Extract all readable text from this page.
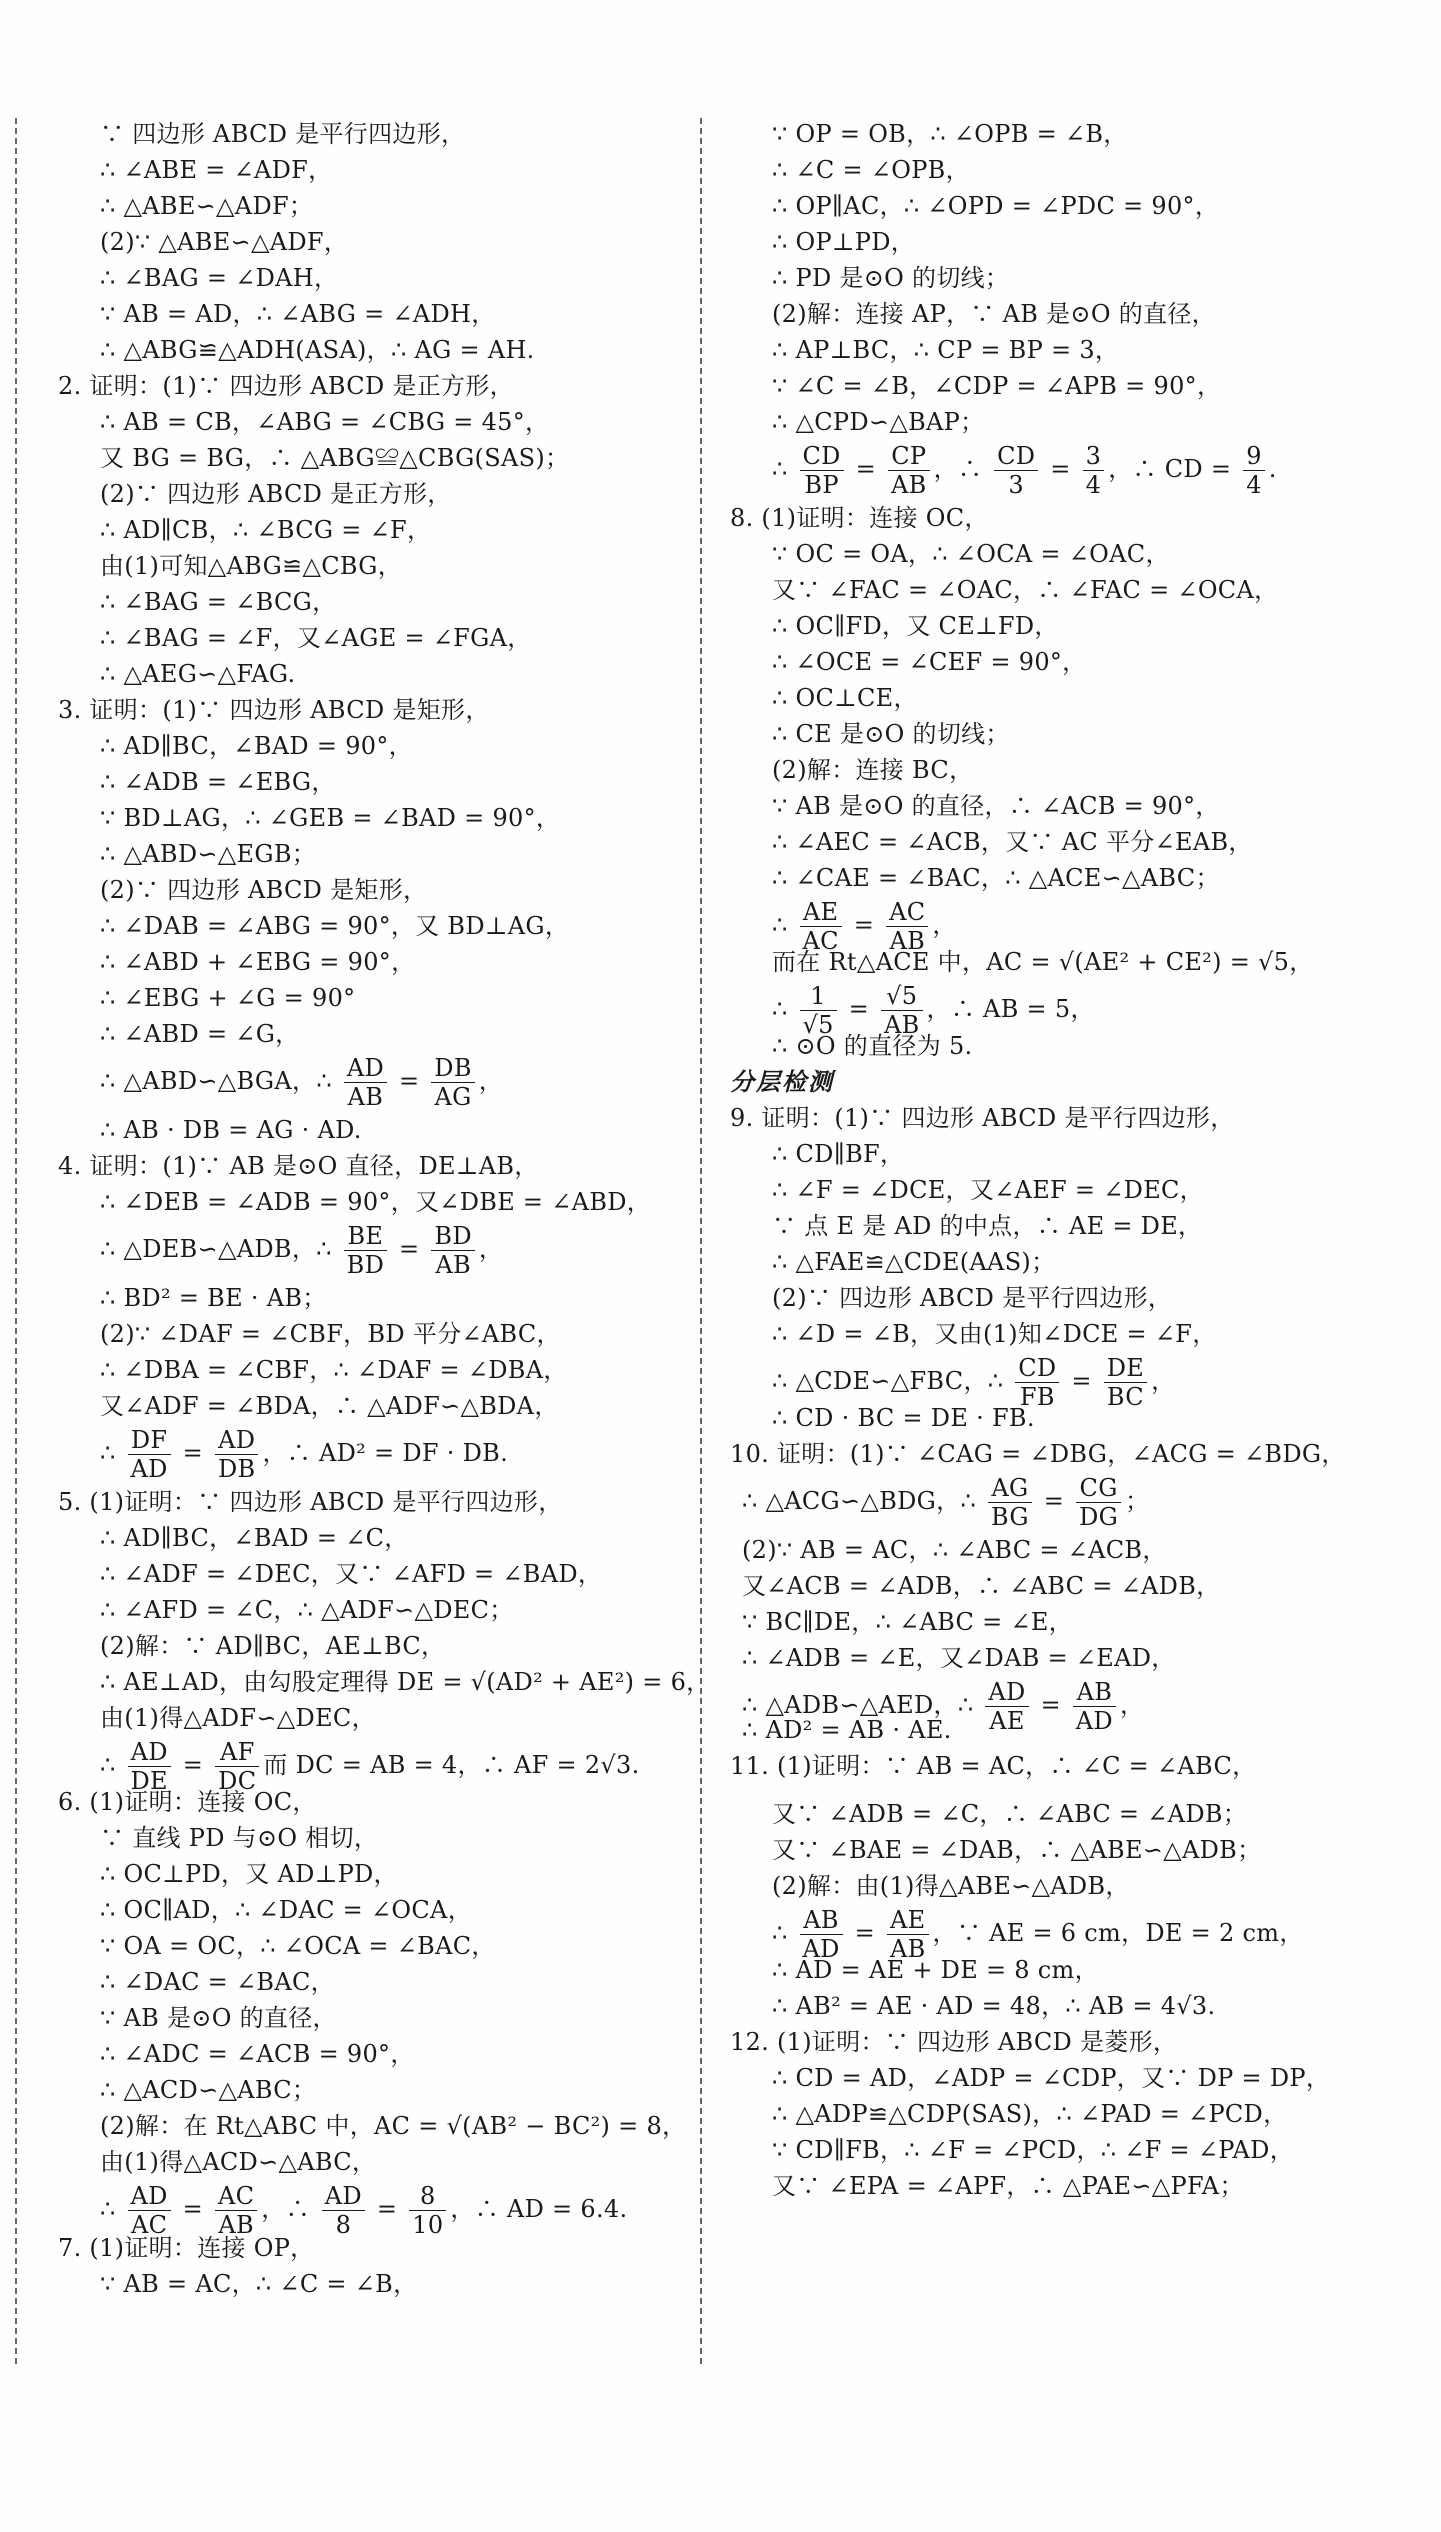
∵ 四边形 ABCD 是平行四边形，
∴ ∠ABE = ∠ADF，
∴ △ABE∽△ADF；
(2)∵ △ABE∽△ADF，
∴ ∠BAG = ∠DAH，
∵ AB = AD，∴ ∠ABG = ∠ADH，
∴ △ABG≌△ADH(ASA)，∴ AG = AH.
2. 证明：(1)∵ 四边形 ABCD 是正方形，
∴ AB = CB，∠ABG = ∠CBG = 45°，
又 BG = BG，∴ △ABG≌△CBG(SAS)；
(2)∵ 四边形 ABCD 是正方形，
∴ AD∥CB，∴ ∠BCG = ∠F，
由(1)可知△ABG≌△CBG，
∴ ∠BAG = ∠BCG，
∴ ∠BAG = ∠F，又∠AGE = ∠FGA，
∴ △AEG∽△FAG.
3. 证明：(1)∵ 四边形 ABCD 是矩形，
∴ AD∥BC，∠BAD = 90°，
∴ ∠ADB = ∠EBG，
∵ BD⊥AG，∴ ∠GEB = ∠BAD = 90°，
∴ △ABD∽△EGB；
(2)∵ 四边形 ABCD 是矩形，
∴ ∠DAB = ∠ABG = 90°，又 BD⊥AG，
∴ ∠ABD + ∠EBG = 90°，
∴ ∠EBG + ∠G = 90°
∴ ∠ABD = ∠G，
∴ △ABD∽△BGA，∴ $\frac{AD}{AB} = \frac{DB}{AG}$ ，
∴ AB · DB = AG · AD.
4. 证明：(1)∵ AB 是⊙O 直径，DE⊥AB，
∴ ∠DEB = ∠ADB = 90°，又∠DBE = ∠ABD，
∴ △DEB∽△ADB，∴ $\frac{BE}{BD} = \frac{BD}{AB}$ ，
∴ BD² = BE · AB；
(2)∵ ∠DAF = ∠CBF，BD 平分∠ABC，
∴ ∠DBA = ∠CBF，∴ ∠DAF = ∠DBA，
又∠ADF = ∠BDA，∴ △ADF∽△BDA，
∴ $\frac{DF}{AD} = \frac{AD}{DB}$ ，∴ AD² = DF · DB.
5. (1)证明：∵ 四边形 ABCD 是平行四边形，
∴ AD∥BC，∠BAD = ∠C，
∴ ∠ADF = ∠DEC，又∵ ∠AFD = ∠BAD，
∴ ∠AFD = ∠C，∴ △ADF∽△DEC；
(2)解：∵ AD∥BC，AE⊥BC，
∴ AE⊥AD，由勾股定理得 DE = √(AD² + AE²) = 6，
由(1)得△ADF∽△DEC，
∴ $\frac{AD}{DE} = \frac{AF}{DC}$ 而 DC = AB = 4，∴ AF = 2√3.
6. (1)证明：连接 OC，
∵ 直线 PD 与⊙O 相切，
∴ OC⊥PD，又 AD⊥PD，
∴ OC∥AD，∴ ∠DAC = ∠OCA，
∵ OA = OC，∴ ∠OCA = ∠BAC，
∴ ∠DAC = ∠BAC，
∵ AB 是⊙O 的直径，
∴ ∠ADC = ∠ACB = 90°，
∴ △ACD∽△ABC；
(2)解：在 Rt△ABC 中，AC = √(AB² − BC²) = 8，
由(1)得△ACD∽△ABC，
∴ $\frac{AD}{AC} = \frac{AC}{AB}$ ，∴ $\frac{AD}{8} = \frac{8}{10}$ ，∴ AD = 6.4.
7. (1)证明：连接 OP，
∵ AB = AC，∴ ∠C = ∠B，
∵ OP = OB，∴ ∠OPB = ∠B，
∴ ∠C = ∠OPB，
∴ OP∥AC，∴ ∠OPD = ∠PDC = 90°，
∴ OP⊥PD，
∴ PD 是⊙O 的切线；
(2)解：连接 AP，∵ AB 是⊙O 的直径，
∴ AP⊥BC，∴ CP = BP = 3，
∵ ∠C = ∠B，∠CDP = ∠APB = 90°，
∴ △CPD∽△BAP；
∴ $\frac{CD}{BP} = \frac{CP}{AB}$ ，∴ $\frac{CD}{3} = \frac{3}{4}$ ，∴ CD = $\frac{9}{4}$ .
8. (1)证明：连接 OC，
∵ OC = OA，∴ ∠OCA = ∠OAC，
又∵ ∠FAC = ∠OAC，∴ ∠FAC = ∠OCA，
∴ OC∥FD，又 CE⊥FD，
∴ ∠OCE = ∠CEF = 90°，
∴ OC⊥CE，
∴ CE 是⊙O 的切线；
(2)解：连接 BC，
∵ AB 是⊙O 的直径，∴ ∠ACB = 90°，
∴ ∠AEC = ∠ACB，又∵ AC 平分∠EAB，
∴ ∠CAE = ∠BAC，∴ △ACE∽△ABC；
∴ $\frac{AE}{AC} = \frac{AC}{AB}$ ，
而在 Rt△ACE 中，AC = √(AE² + CE²) = √5，
∴ $\frac{1}{√5} = \frac{√5}{AB}$ ，∴ AB = 5，
∴ ⊙O 的直径为 5.
分层检测
9. 证明：(1)∵ 四边形 ABCD 是平行四边形，
∴ CD∥BF，
∴ ∠F = ∠DCE，又∠AEF = ∠DEC，
∵ 点 E 是 AD 的中点，∴ AE = DE，
∴ △FAE≌△CDE(AAS)；
(2)∵ 四边形 ABCD 是平行四边形，
∴ ∠D = ∠B，又由(1)知∠DCE = ∠F，
∴ △CDE∽△FBC，∴ $\frac{CD}{FB} = \frac{DE}{BC}$ ，
∴ CD · BC = DE · FB.
10. 证明：(1)∵ ∠CAG = ∠DBG，∠ACG = ∠BDG，
∴ △ACG∽△BDG，∴ $\frac{AG}{BG} = \frac{CG}{DG}$ ；
(2)∵ AB = AC，∴ ∠ABC = ∠ACB，
又∠ACB = ∠ADB，∴ ∠ABC = ∠ADB，
∵ BC∥DE，∴ ∠ABC = ∠E，
∴ ∠ADB = ∠E，又∠DAB = ∠EAD，
∴ △ADB∽△AED，∴ $\frac{AD}{AE} = \frac{AB}{AD}$ ，
∴ AD² = AB · AE.
11. (1)证明：∵ AB = AC，∴ ∠C = ∠ABC，
又∵ ∠ADB = ∠C，∴ ∠ABC = ∠ADB；
又∵ ∠BAE = ∠DAB，∴ △ABE∽△ADB；
(2)解：由(1)得△ABE∽△ADB，
∴ $\frac{AB}{AD} = \frac{AE}{AB}$ ，∵ AE = 6 cm，DE = 2 cm，
∴ AD = AE + DE = 8 cm，
∴ AB² = AE · AD = 48，∴ AB = 4√3.
12. (1)证明：∵ 四边形 ABCD 是菱形，
∴ CD = AD，∠ADP = ∠CDP，又∵ DP = DP，
∴ △ADP≌△CDP(SAS)，∴ ∠PAD = ∠PCD，
∵ CD∥FB，∴ ∠F = ∠PCD，∴ ∠F = ∠PAD，
又∵ ∠EPA = ∠APF，∴ △PAE∽△PFA；
